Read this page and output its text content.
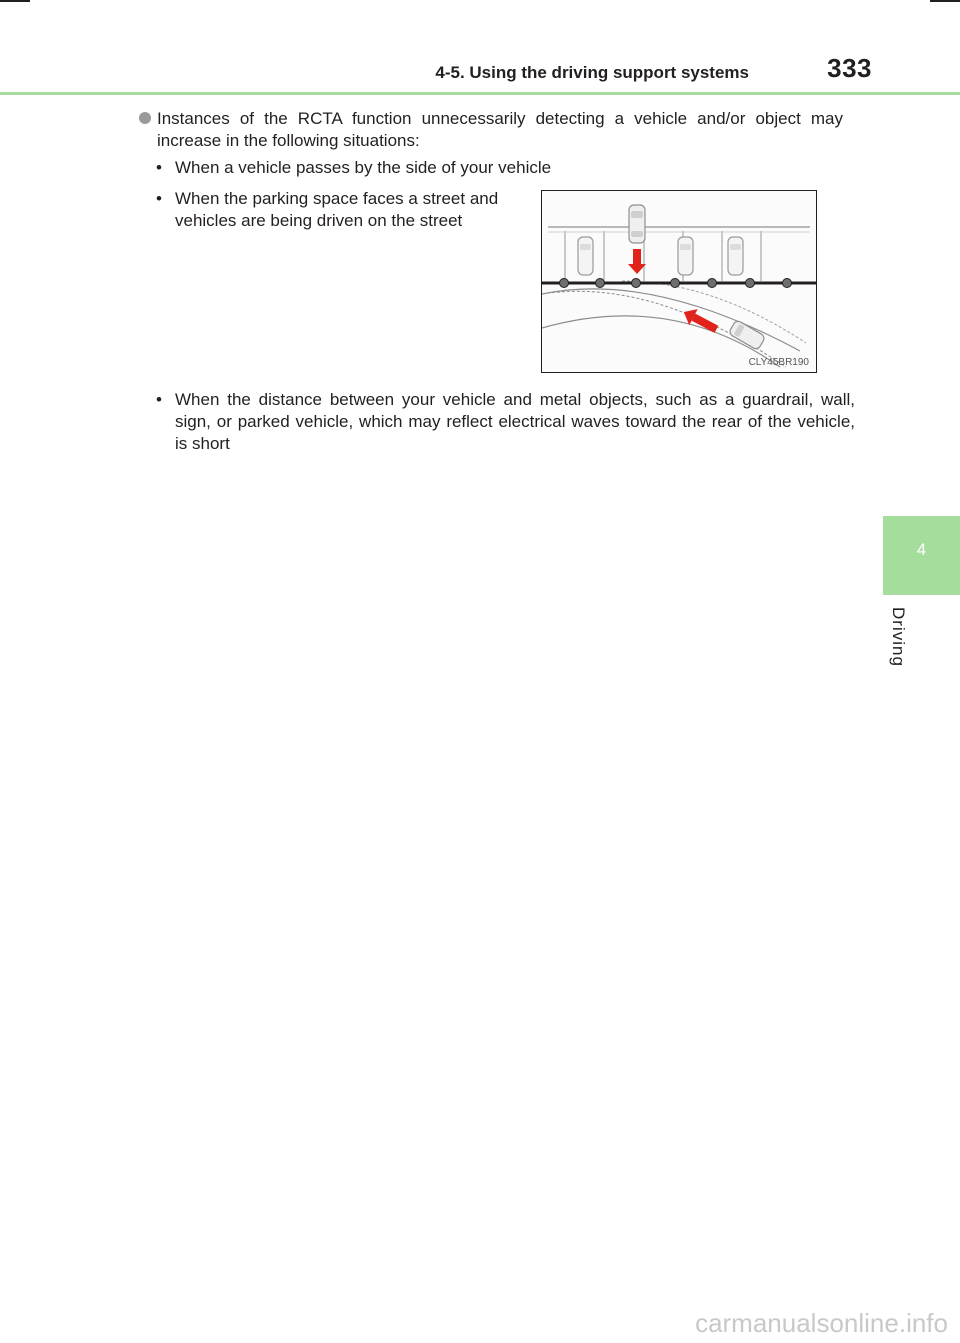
4-5. Using the driving support systems	333
4
Driving

Instances of the RCTA function unnecessarily detecting a vehicle and/or object may increase in the following situations:

• When a vehicle passes by the side of your vehicle
• When the parking space faces a street and vehicles are being driven on the street
• When the distance between your vehicle and metal objects, such as a guardrail, wall, sign, or parked vehicle, which may reflect electrical waves toward the rear of the vehicle, is short
CLY45BR190
carmanualsonline.info
